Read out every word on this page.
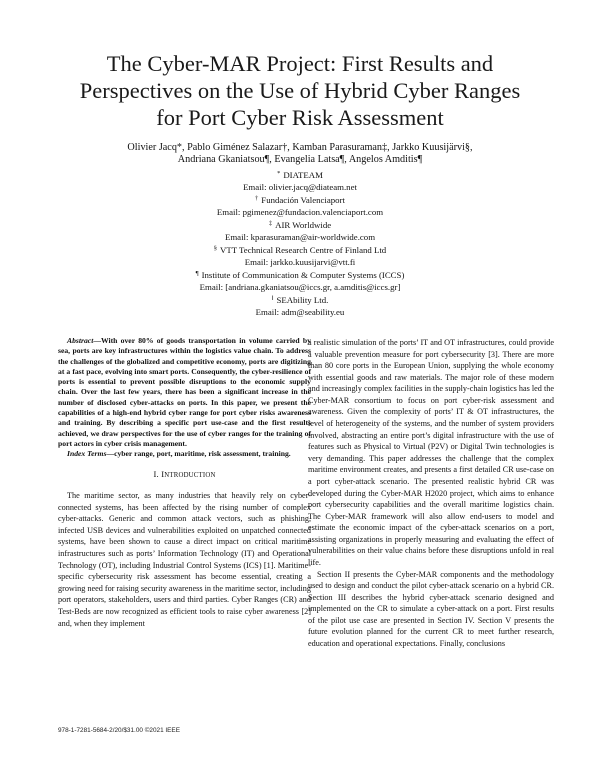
The Cyber-MAR Project: First Results and
Perspectives on the Use of Hybrid Cyber Ranges
for Port Cyber Risk Assessment
Olivier Jacq*, Pablo Giménez Salazar†, Kamban Parasuraman‡, Jarkko Kuusijärvi§,
Andriana Gkaniatsou¶, Evangelia Latsa¶, Angelos Amditis¶
* DIATEAM
Email: olivier.jacq@diateam.net
† Fundación Valenciaport
Email: pgimenez@fundacion.valenciaport.com
‡ AIR Worldwide
Email: kparasuraman@air-worldwide.com
§ VTT Technical Research Centre of Finland Ltd
Email: jarkko.kuusijarvi@vtt.fi
¶ Institute of Communication & Computer Systems (ICCS)
Email: [andriana.gkaniatsou@iccs.gr, a.amditis@iccs.gr]
‖ SEAbility Ltd.
Email: adm@seability.eu

Abstract—With over 80% of goods transportation in volume carried by sea, ports are key infrastructures within the logistics value chain. To address the challenges of the globalized and competitive economy, ports are digitizing at a fast pace, evolving into smart ports. Consequently, the cyber-resilience of ports is essential to prevent possible disruptions to the economic supply chain. Over the last few years, there has been a significant increase in the number of disclosed cyber-attacks on ports. In this paper, we present the capabilities of a high-end hybrid cyber range for port cyber risks awareness and training. By describing a specific port use-case and the first results achieved, we draw perspectives for the use of cyber ranges for the training of port actors in cyber crisis management.

Index Terms—cyber range, port, maritime, risk assessment, training.

I. INTRODUCTION

The maritime sector, as many industries that heavily rely on cyber-connected systems, has been affected by the rising number of complex cyber-attacks. Generic and common attack vectors, such as phishing, infected USB devices and vulnerabilities exploited on unpatched connected systems, have been shown to cause a direct impact on critical maritime infrastructures such as ports’ Information Technology (IT) and Operational Technology (OT), including Industrial Control Systems (ICS) [1]. Maritime-specific cybersecurity risk assessment has become essential, creating a growing need for raising security awareness in the maritime sector, including port operators, stakeholders, users and third parties. Cyber Ranges (CR) and Test-Beds are now recognized as efficient tools to raise cyber awareness [2] and, when they implement

a realistic simulation of the ports’ IT and OT infrastructures, could provide a valuable prevention measure for port cybersecurity [3]. There are more than 80 core ports in the European Union, supplying the whole economy with essential goods and raw materials. The major role of these modern and increasingly complex facilities in the supply-chain logistics has led the Cyber-MAR consortium to focus on port cyber-risk assessment and awareness. Given the complexity of ports’ IT & OT infrastructures, the level of heterogeneity of the systems, and the number of system providers involved, abstracting an entire port’s digital infrastructure with the use of features such as Physical to Virtual (P2V) or Digital Twin technologies is very demanding. This paper addresses the challenge that the complex maritime environment creates, and presents a first detailed CR use-case on a port cyber-attack scenario. The presented realistic hybrid CR was developed during the Cyber-MAR H2020 project, which aims to enhance port cybersecurity capabilities and the overall maritime logistics chain. The Cyber-MAR framework will also allow end-users to model and estimate the economic impact of the cyber-attack scenarios on a port, assisting organizations in properly measuring and evaluating the effect of vulnerabilities on their value chains before these disruptions unfold in real life.

Section II presents the Cyber-MAR components and the methodology used to design and conduct the pilot cyber-attack scenario on a hybrid CR. Section III describes the hybrid cyber-attack scenario designed and implemented on the CR to simulate a cyber-attack on a port. First results of the pilot use case are presented in Section IV. Section V presents the future evolution planned for the current CR to meet further research, education and operational expectations. Finally, conclusions

978-1-7281-5684-2/20/$31.00 ©2021 IEEE
